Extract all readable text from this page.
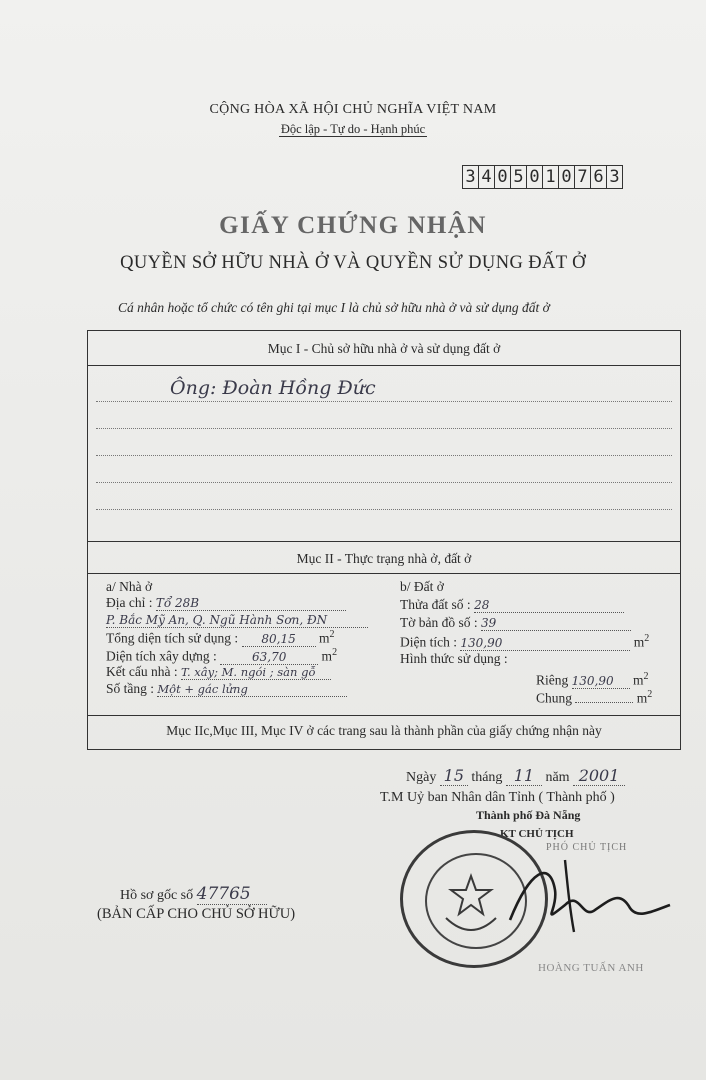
CỘNG HÒA XÃ HỘI CHỦ NGHĨA VIỆT NAM
Độc lập - Tự do - Hạnh phúc
3 4 0 5 0 1 0 7 6 3
GIẤY CHỨNG NHẬN
QUYỀN SỞ HỮU NHÀ Ở VÀ QUYỀN SỬ DỤNG ĐẤT Ở
Cá nhân hoặc tổ chức có tên ghi tại mục I là chủ sở hữu nhà ở và sử dụng đất ở
Mục I - Chủ sở hữu nhà ở và sử dụng đất ở
Ông: Đoàn Hồng Đức
Mục II - Thực trạng nhà ở, đất ở
a/ Nhà ở
Địa chỉ : Tổ 28B
P. Bắc Mỹ An, Q. Ngũ Hành Sơn, ĐN
Tổng diện tích sử dụng : 80,15 $m^2$
Diện tích xây dựng :	63,70	$m^2$
Kết cấu nhà : T. xây; M. ngói ; sàn gỗ
Số tầng : Một + gác lửng
b/ Đất ở
Thửa đất số : 28
Tờ bản đồ số : 39
Diện tích : 130,90	$m^2$
Hình thức sử dụng :
Riêng 130,90 $m^2$
Chung	$m^2$
Mục IIc,Mục III, Mục IV ở các trang sau là thành phần của giấy chứng nhận này
Ngày 15 tháng 11 năm 2001
T.M Uỷ ban Nhân dân Tỉnh ( Thành phố )
Thành phố Đà Nẵng
KT CHỦ TỊCH
PHÓ CHỦ TỊCH
HOÀNG TUẤN ANH
Hồ sơ gốc số 47765
(BẢN CẤP CHO CHỦ SỞ HỮU)
